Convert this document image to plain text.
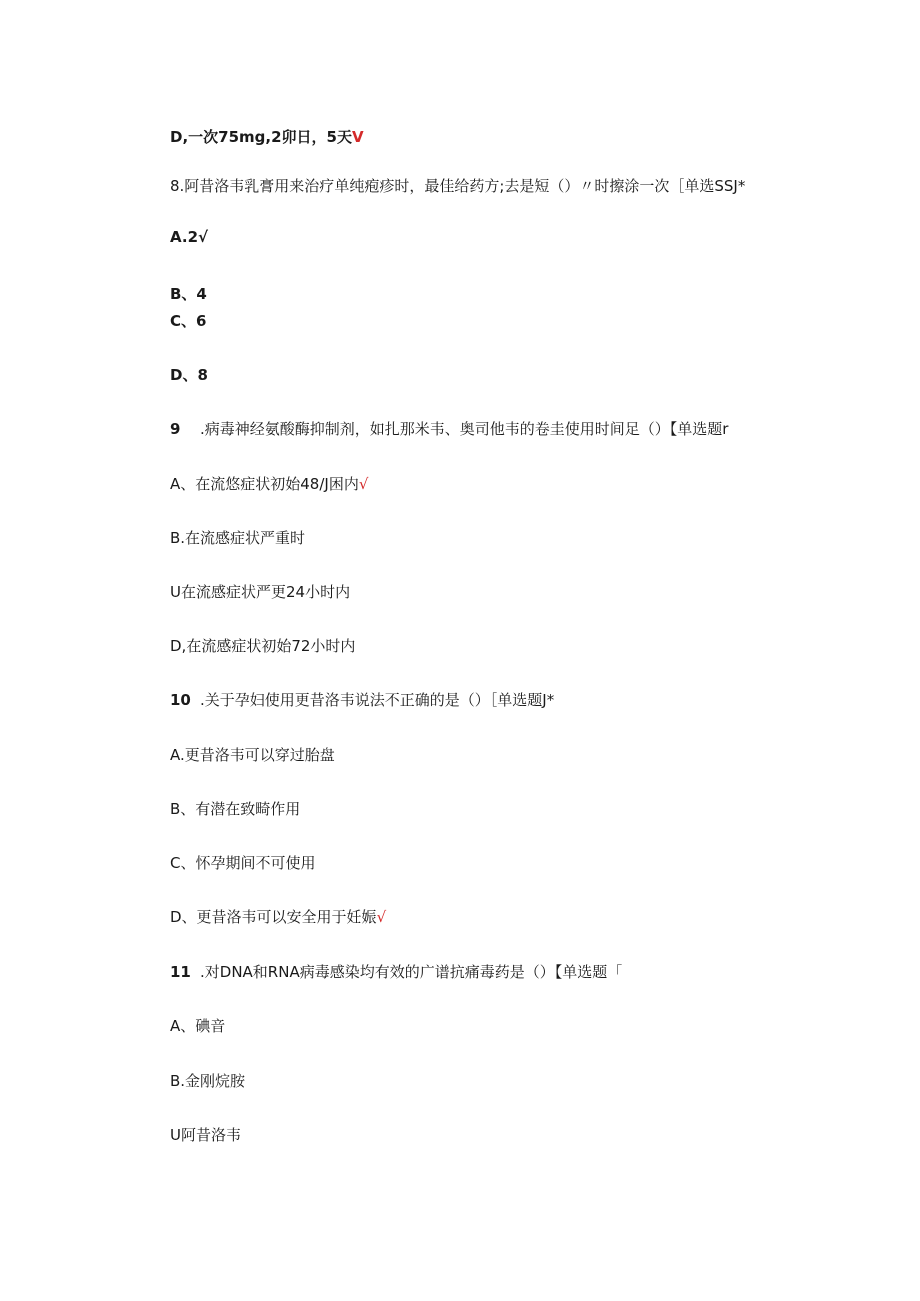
D,一次75mg,2卯日，5天V
8.阿昔洛韦乳膏用来治疗单纯疱疹时，最佳给药方;去是短（）〃时擦涂一次［单选SSJ*
A.2√
B、4
C、6
D、8
9 .病毒神经氨酸酶抑制剂，如扎那米韦、奥司他韦的卷圭使用时间足（）【单选题r
A、在流悠症状初始48/J困内√
B.在流感症状严重时
U在流感症状严更24小时内
D,在流感症状初始72小时内
10 .关于孕妇使用更昔洛韦说法不正确的是（）［单选题J*
A.更昔洛韦可以穿过胎盘
B、有潜在致畸作用
C、怀孕期间不可使用
D、更昔洛韦可以安全用于妊娠√
11 .对DNA和RNA病毒感染均有效的广谱抗痛毒药是（）【单选题「
A、碘音
B.金刚烷胺
U阿昔洛韦
